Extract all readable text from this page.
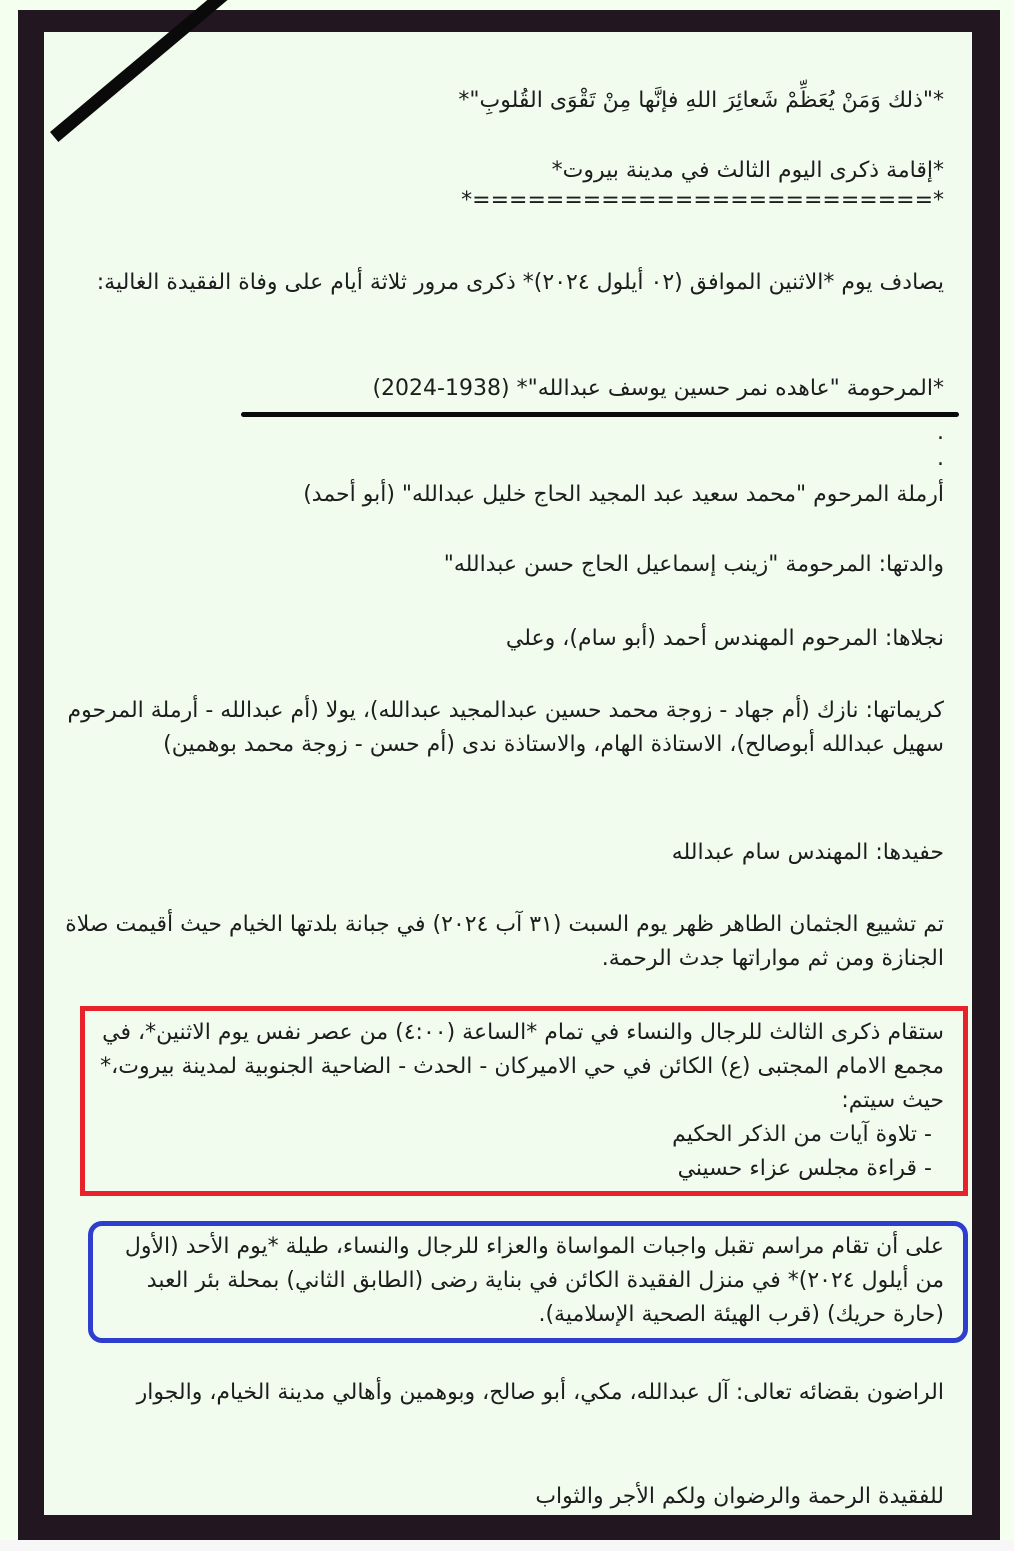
*"ذلك وَمَنْ يُعَظِّمْ شَعائِرَ اللهِ فإنَّها مِنْ تَقْوَى القُلوبِ"*
*إقامة ذكرى اليوم الثالث في مدينة بيروت*
*=========================*
يصادف يوم *الاثنين الموافق (٠٢ أيلول ٢٠٢٤)* ذكرى مرور ثلاثة أيام على وفاة الفقيدة الغالية:
*المرحومة "عاهده نمر حسين يوسف عبدالله"* (1938-2024)
.
.
أرملة المرحوم "محمد سعيد عبد المجيد الحاج خليل عبدالله" (أبو أحمد)
والدتها: المرحومة "زينب إسماعيل الحاج حسن عبدالله"
نجلاها: المرحوم المهندس أحمد (أبو سام)، وعلي
كريماتها: نازك (أم جهاد - زوجة محمد حسين عبدالمجيد عبدالله)، يولا (أم عبدالله - أرملة المرحوم سهيل عبدالله أبوصالح)، الاستاذة الهام، والاستاذة ندى (أم حسن - زوجة محمد بوهمين)
حفيدها: المهندس سام عبدالله
تم تشييع الجثمان الطاهر ظهر يوم السبت (٣١ آب ٢٠٢٤) في جبانة بلدتها الخيام حيث أقيمت صلاة الجنازة ومن ثم مواراتها جدث الرحمة.
ستقام ذكرى الثالث للرجال والنساء في تمام *الساعة (٤:٠٠) من عصر نفس يوم الاثنين*، في مجمع الامام المجتبى (ع) الكائن في حي الاميركان - الحدث - الضاحية الجنوبية لمدينة بيروت،* حيث سيتم:
- تلاوة آيات من الذكر الحكيم
- قراءة مجلس عزاء حسيني
على أن تقام مراسم تقبل واجبات المواساة والعزاء للرجال والنساء، طيلة *يوم الأحد (الأول من أيلول ٢٠٢٤)* في منزل الفقيدة الكائن في بناية رضى (الطابق الثاني) بمحلة بئر العبد (حارة حريك) (قرب الهيئة الصحية الإسلامية).
الراضون بقضائه تعالى: آل عبدالله، مكي، أبو صالح، وبوهمين وأهالي مدينة الخيام، والجوار
للفقيدة الرحمة والرضوان ولكم الأجر والثواب
